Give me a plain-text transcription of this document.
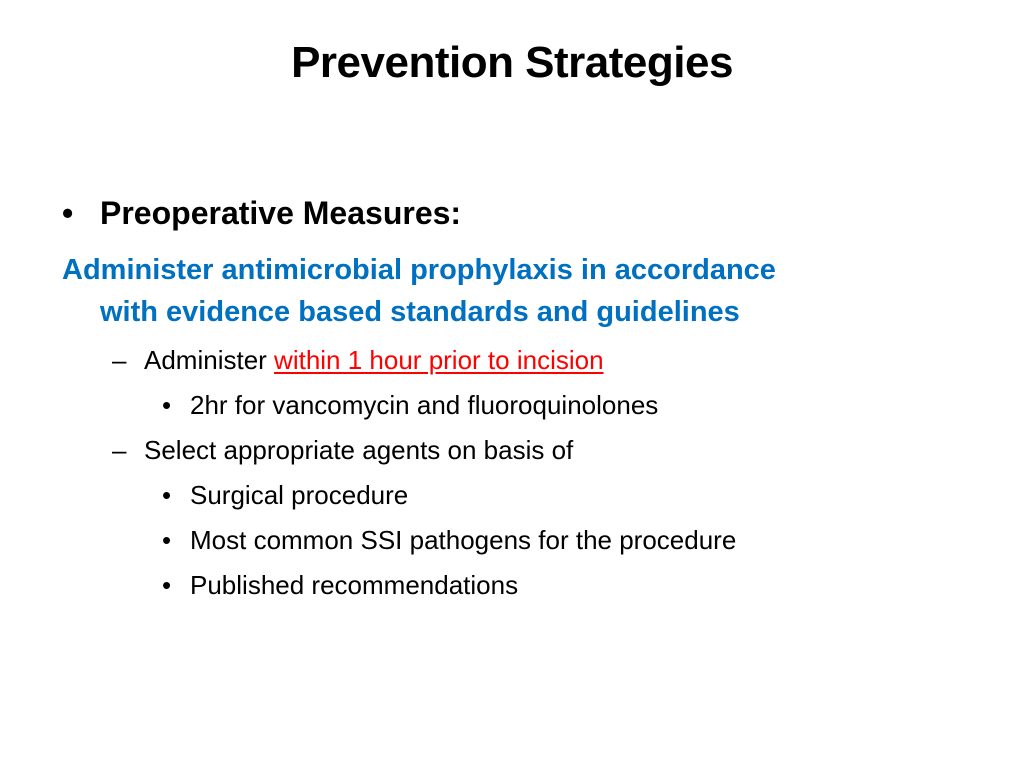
Prevention Strategies
• Preoperative Measures:
Administer antimicrobial prophylaxis in accordance
with evidence based standards and guidelines
– Administer within 1 hour prior to incision
• 2hr for vancomycin and fluoroquinolones
– Select appropriate agents on basis of
• Surgical procedure
• Most common SSI pathogens for the procedure
• Published recommendations
